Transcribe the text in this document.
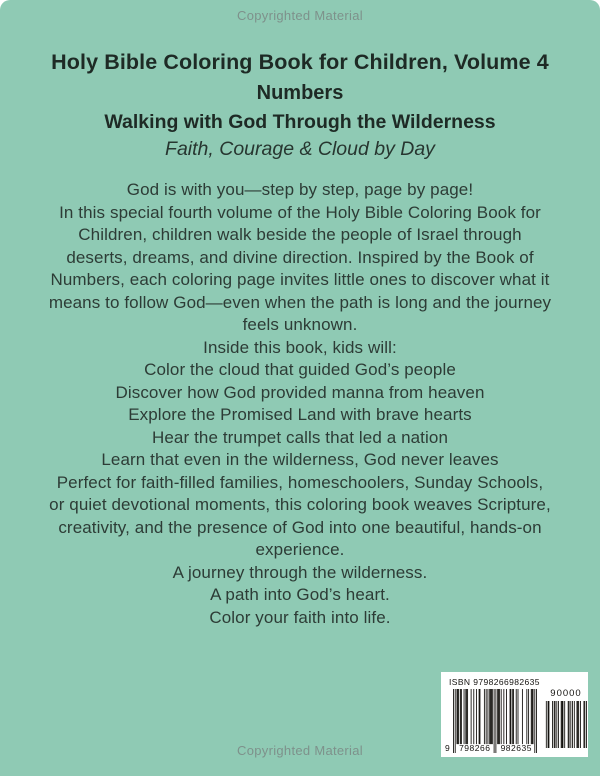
Copyrighted Material
Holy Bible Coloring Book for Children, Volume 4
Numbers
Walking with God Through the Wilderness
Faith, Courage & Cloud by Day
God is with you—step by step, page by page!
In this special fourth volume of the Holy Bible Coloring Book for
Children, children walk beside the people of Israel through
deserts, dreams, and divine direction. Inspired by the Book of
Numbers, each coloring page invites little ones to discover what it
means to follow God—even when the path is long and the journey
feels unknown.
Inside this book, kids will:
Color the cloud that guided God’s people
Discover how God provided manna from heaven
Explore the Promised Land with brave hearts
Hear the trumpet calls that led a nation
Learn that even in the wilderness, God never leaves
Perfect for faith-filled families, homeschoolers, Sunday Schools,
or quiet devotional moments, this coloring book weaves Scripture,
creativity, and the presence of God into one beautiful, hands-on
experience.
A journey through the wilderness.
A path into God’s heart.
Color your faith into life.
ISBN 9798266982635
9	798266	982635
90000
Copyrighted Material
